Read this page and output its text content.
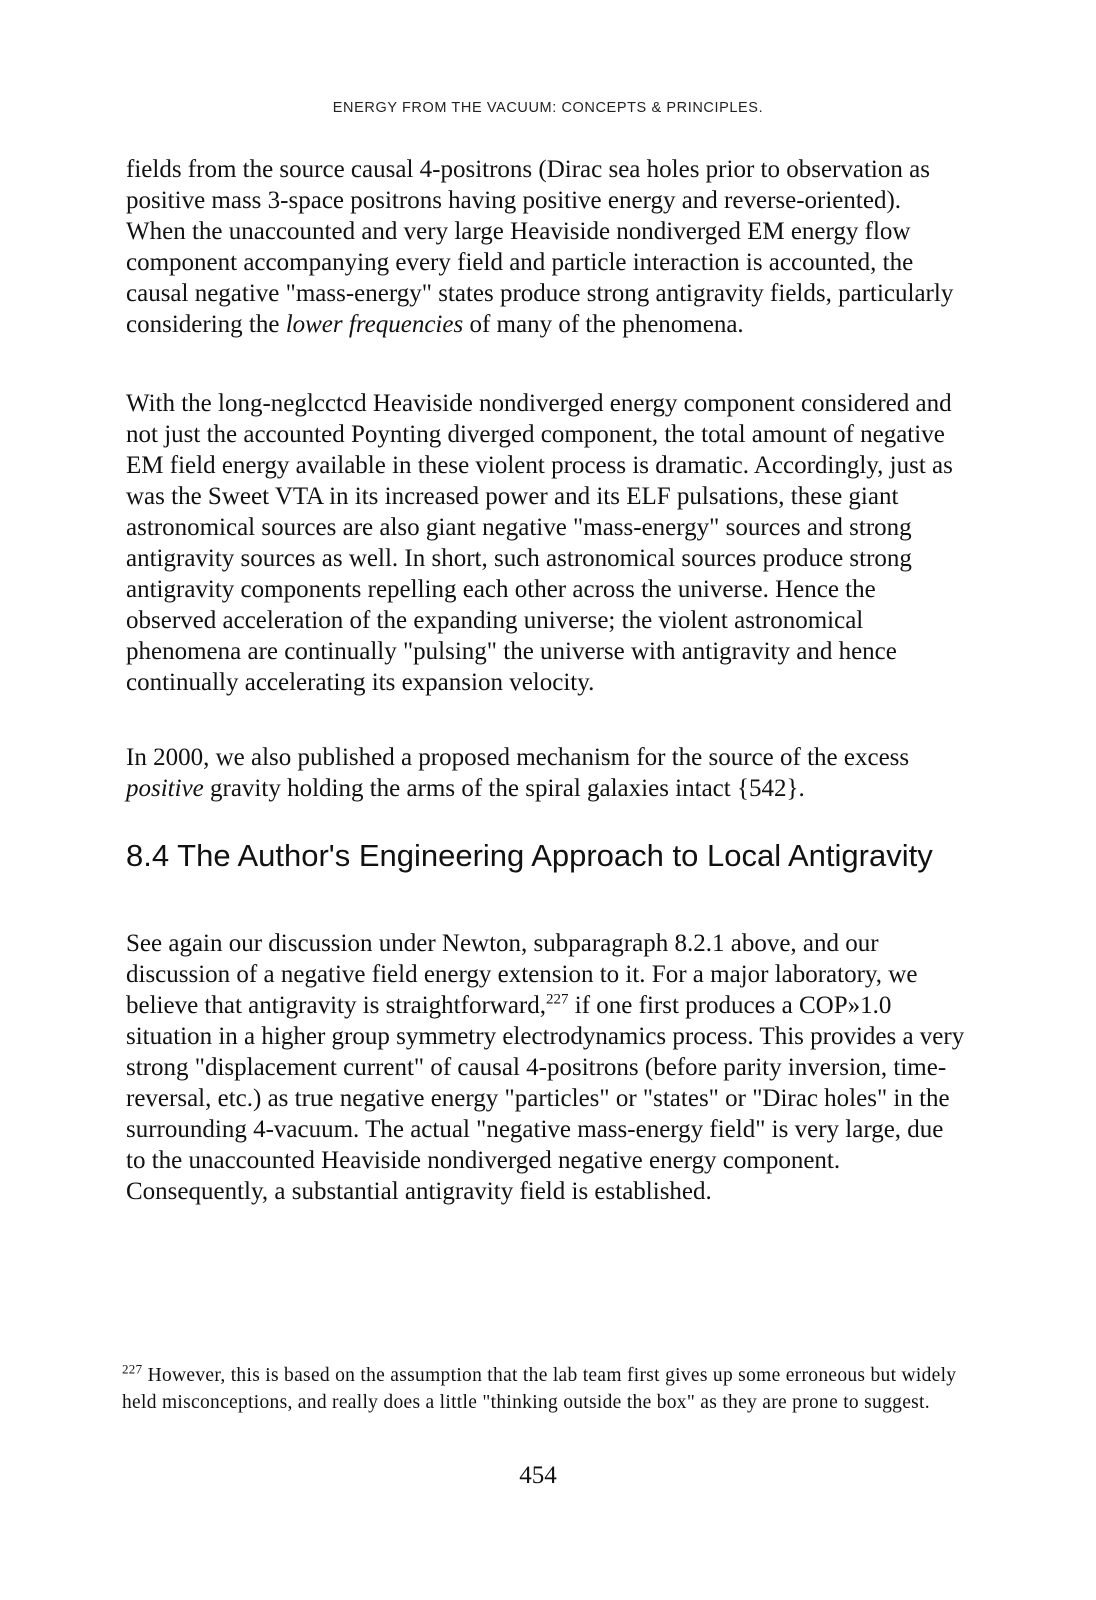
ENERGY FROM THE VACUUM: CONCEPTS & PRINCIPLES.

fields from the source causal 4-positrons (Dirac sea holes prior to observation as positive mass 3-space positrons having positive energy and reverse-oriented). When the unaccounted and very large Heaviside nondiverged EM energy flow component accompanying every field and particle interaction is accounted, the causal negative "mass-energy" states produce strong antigravity fields, particularly considering the lower frequencies of many of the phenomena.

With the long-neglcctcd Heaviside nondiverged energy component considered and not just the accounted Poynting diverged component, the total amount of negative EM field energy available in these violent process is dramatic. Accordingly, just as was the Sweet VTA in its increased power and its ELF pulsations, these giant astronomical sources are also giant negative "mass-energy" sources and strong antigravity sources as well. In short, such astronomical sources produce strong antigravity components repelling each other across the universe. Hence the observed acceleration of the expanding universe; the violent astronomical phenomena are continually "pulsing" the universe with antigravity and hence continually accelerating its expansion velocity.

In 2000, we also published a proposed mechanism for the source of the excess positive gravity holding the arms of the spiral galaxies intact {542}.

8.4 The Author's Engineering Approach to Local Antigravity

See again our discussion under Newton, subparagraph 8.2.1 above, and our discussion of a negative field energy extension to it. For a major laboratory, we believe that antigravity is straightforward,$^{227}$ if one first produces a COP»1.0 situation in a higher group symmetry electrodynamics process. This provides a very strong "displacement current" of causal 4-positrons (before parity inversion, time-reversal, etc.) as true negative energy "particles" or "states" or "Dirac holes" in the surrounding 4-vacuum. The actual "negative mass-energy field" is very large, due to the unaccounted Heaviside nondiverged negative energy component. Consequently, a substantial antigravity field is established.

$^{227}$ However, this is based on the assumption that the lab team first gives up some erroneous but widely held misconceptions, and really does a little "thinking outside the box" as they are prone to suggest.

454
